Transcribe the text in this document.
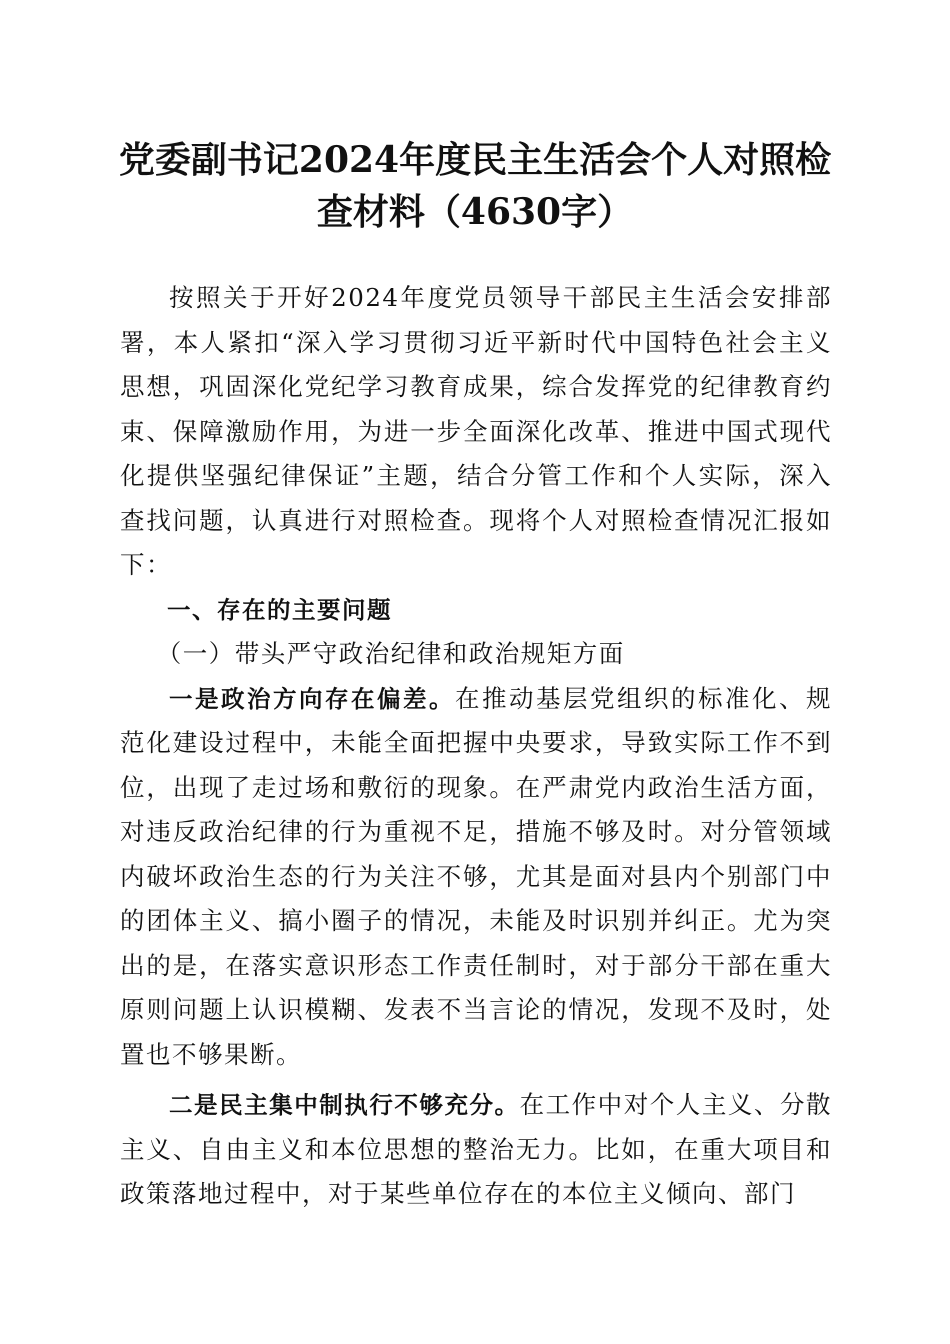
党委副书记2024年度民主生活会个人对照检
查材料（4630字）

按照关于开好2024年度党员领导干部民主生活会安排部署，本人紧扣“深入学习贯彻习近平新时代中国特色社会主义思想，巩固深化党纪学习教育成果，综合发挥党的纪律教育约束、保障激励作用，为进一步全面深化改革、推进中国式现代化提供坚强纪律保证”主题，结合分管工作和个人实际，深入查找问题，认真进行对照检查。现将个人对照检查情况汇报如下：

一、存在的主要问题

（一）带头严守政治纪律和政治规矩方面

一是政治方向存在偏差。在推动基层党组织的标准化、规范化建设过程中，未能全面把握中央要求，导致实际工作不到位，出现了走过场和敷衍的现象。在严肃党内政治生活方面，对违反政治纪律的行为重视不足，措施不够及时。对分管领域内破坏政治生态的行为关注不够，尤其是面对县内个别部门中的团体主义、搞小圈子的情况，未能及时识别并纠正。尤为突出的是，在落实意识形态工作责任制时，对于部分干部在重大原则问题上认识模糊、发表不当言论的情况，发现不及时，处置也不够果断。

二是民主集中制执行不够充分。在工作中对个人主义、分散主义、自由主义和本位思想的整治无力。比如，在重大项目和政策落地过程中，对于某些单位存在的本位主义倾向、部门
